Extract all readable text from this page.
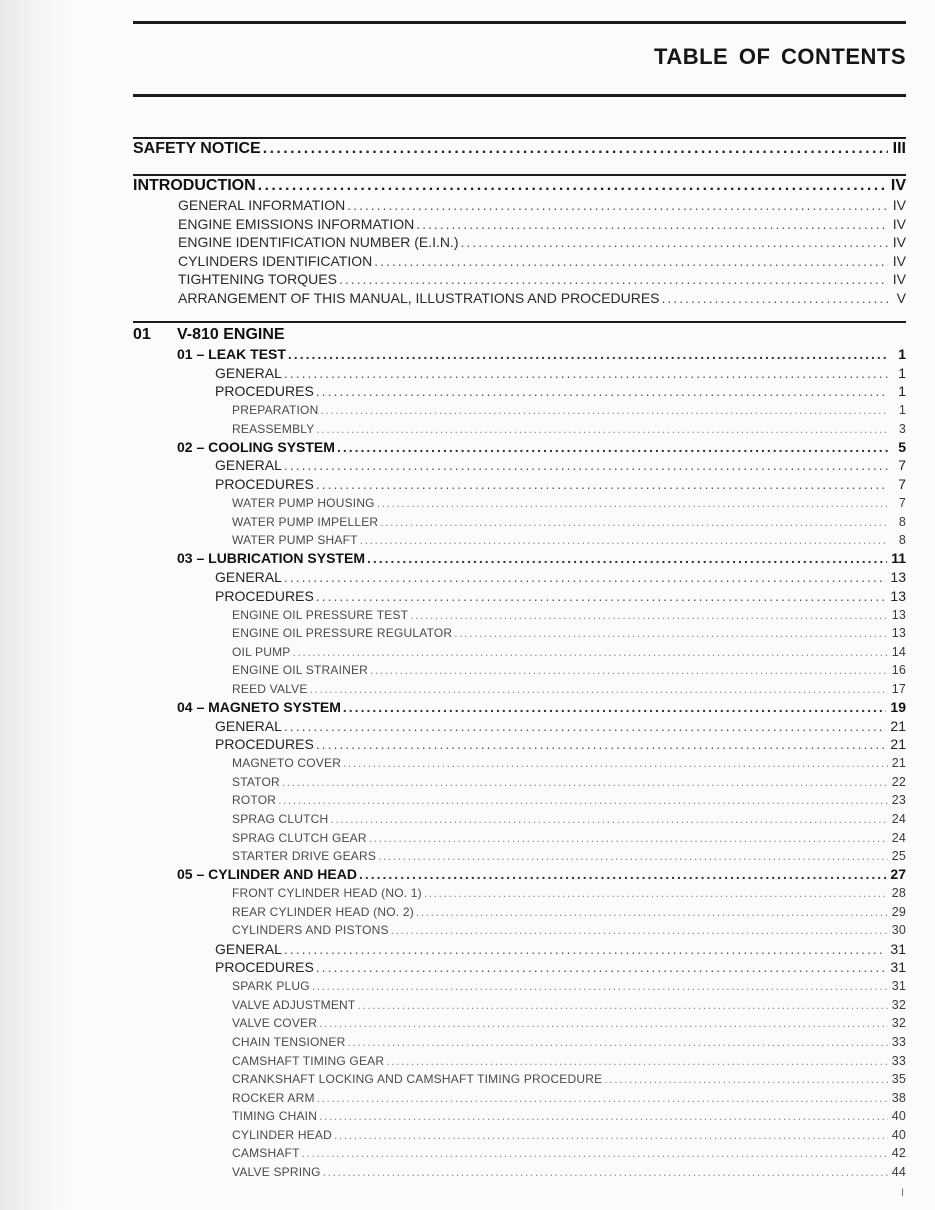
TABLE OF CONTENTS
SAFETY NOTICE .....	III
INTRODUCTION .....	IV
GENERAL INFORMATION .....	IV
ENGINE EMISSIONS INFORMATION .....	IV
ENGINE IDENTIFICATION NUMBER (E.I.N.) .....	IV
CYLINDERS IDENTIFICATION .....	IV
TIGHTENING TORQUES .....	IV
ARRANGEMENT OF THIS MANUAL, ILLUSTRATIONS AND PROCEDURES .....	V
01 V-810 ENGINE
01 – LEAK TEST .....	1
GENERAL .....	1
PROCEDURES .....	1
PREPARATION .....	1
REASSEMBLY .....	3
02 – COOLING SYSTEM .....	5
GENERAL .....	7
PROCEDURES .....	7
WATER PUMP HOUSING .....	7
WATER PUMP IMPELLER .....	8
WATER PUMP SHAFT .....	8
03 – LUBRICATION SYSTEM .....	11
GENERAL .....	13
PROCEDURES .....	13
ENGINE OIL PRESSURE TEST .....	13
ENGINE OIL PRESSURE REGULATOR .....	13
OIL PUMP .....	14
ENGINE OIL STRAINER .....	16
REED VALVE .....	17
04 – MAGNETO SYSTEM .....	19
GENERAL .....	21
PROCEDURES .....	21
MAGNETO COVER .....	21
STATOR .....	22
ROTOR .....	23
SPRAG CLUTCH .....	24
SPRAG CLUTCH GEAR .....	24
STARTER DRIVE GEARS .....	25
05 – CYLINDER AND HEAD .....	27
FRONT CYLINDER HEAD (NO. 1) .....	28
REAR CYLINDER HEAD (NO. 2) .....	29
CYLINDERS AND PISTONS .....	30
GENERAL .....	31
PROCEDURES .....	31
SPARK PLUG .....	31
VALVE ADJUSTMENT .....	32
VALVE COVER .....	32
CHAIN TENSIONER .....	33
CAMSHAFT TIMING GEAR .....	33
CRANKSHAFT LOCKING AND CAMSHAFT TIMING PROCEDURE .....	35
ROCKER ARM .....	38
TIMING CHAIN .....	40
CYLINDER HEAD .....	40
CAMSHAFT .....	42
VALVE SPRING .....	44
I
